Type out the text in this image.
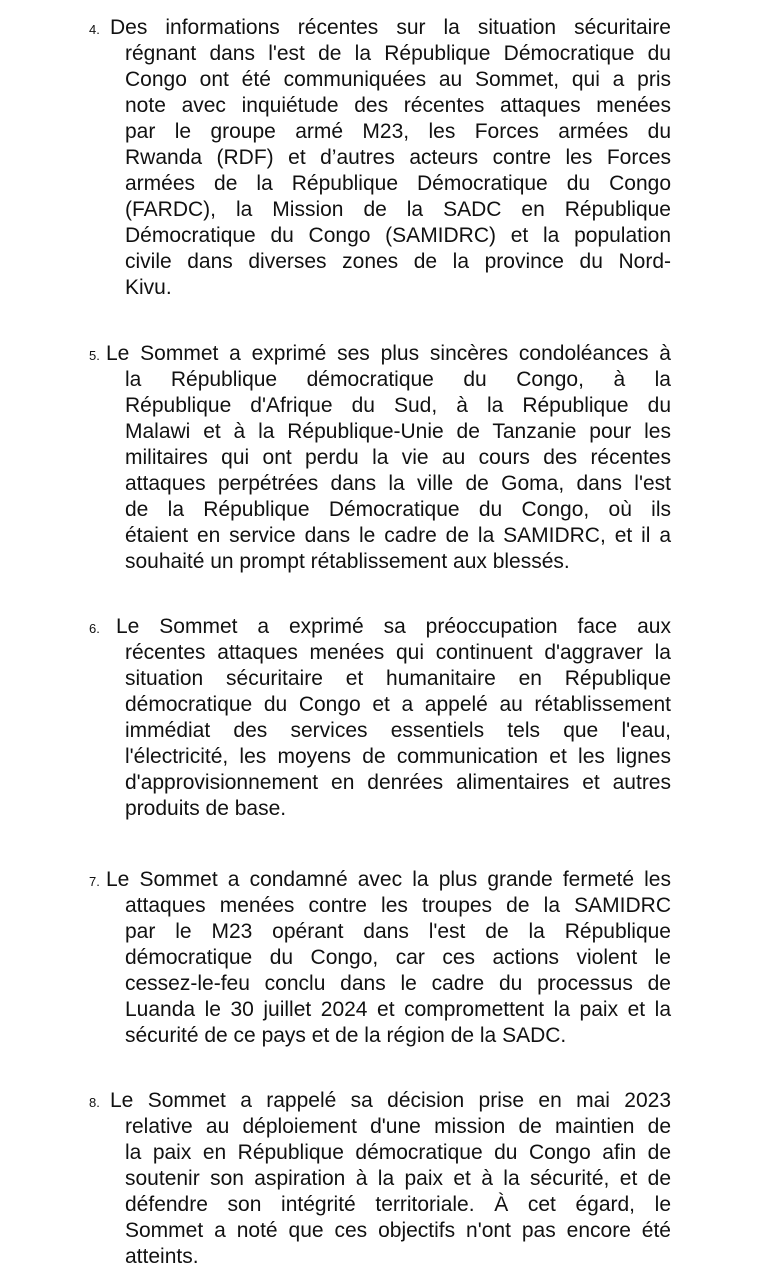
4. Des informations récentes sur la situation sécuritaire
régnant dans l'est de la République Démocratique du
Congo ont été communiquées au Sommet, qui a pris
note avec inquiétude des récentes attaques menées
par le groupe armé M23, les Forces armées du
Rwanda (RDF) et d’autres acteurs contre les Forces
armées de la République Démocratique du Congo
(FARDC), la Mission de la SADC en République
Démocratique du Congo (SAMIDRC) et la population
civile dans diverses zones de la province du Nord-
Kivu.
5. Le Sommet a exprimé ses plus sincères condoléances à
la République démocratique du Congo, à la
République d'Afrique du Sud, à la République du
Malawi et à la République-Unie de Tanzanie pour les
militaires qui ont perdu la vie au cours des récentes
attaques perpétrées dans la ville de Goma, dans l'est
de la République Démocratique du Congo, où ils
étaient en service dans le cadre de la SAMIDRC, et il a
souhaité un prompt rétablissement aux blessés.
6. Le Sommet a exprimé sa préoccupation face aux
récentes attaques menées qui continuent d'aggraver la
situation sécuritaire et humanitaire en République
démocratique du Congo et a appelé au rétablissement
immédiat des services essentiels tels que l'eau,
l'électricité, les moyens de communication et les lignes
d'approvisionnement en denrées alimentaires et autres
produits de base.
7. Le Sommet a condamné avec la plus grande fermeté les
attaques menées contre les troupes de la SAMIDRC
par le M23 opérant dans l'est de la République
démocratique du Congo, car ces actions violent le
cessez-le-feu conclu dans le cadre du processus de
Luanda le 30 juillet 2024 et compromettent la paix et la
sécurité de ce pays et de la région de la SADC.
8. Le Sommet a rappelé sa décision prise en mai 2023
relative au déploiement d'une mission de maintien de
la paix en République démocratique du Congo afin de
soutenir son aspiration à la paix et à la sécurité, et de
défendre son intégrité territoriale. À cet égard, le
Sommet a noté que ces objectifs n'ont pas encore été
atteints.
